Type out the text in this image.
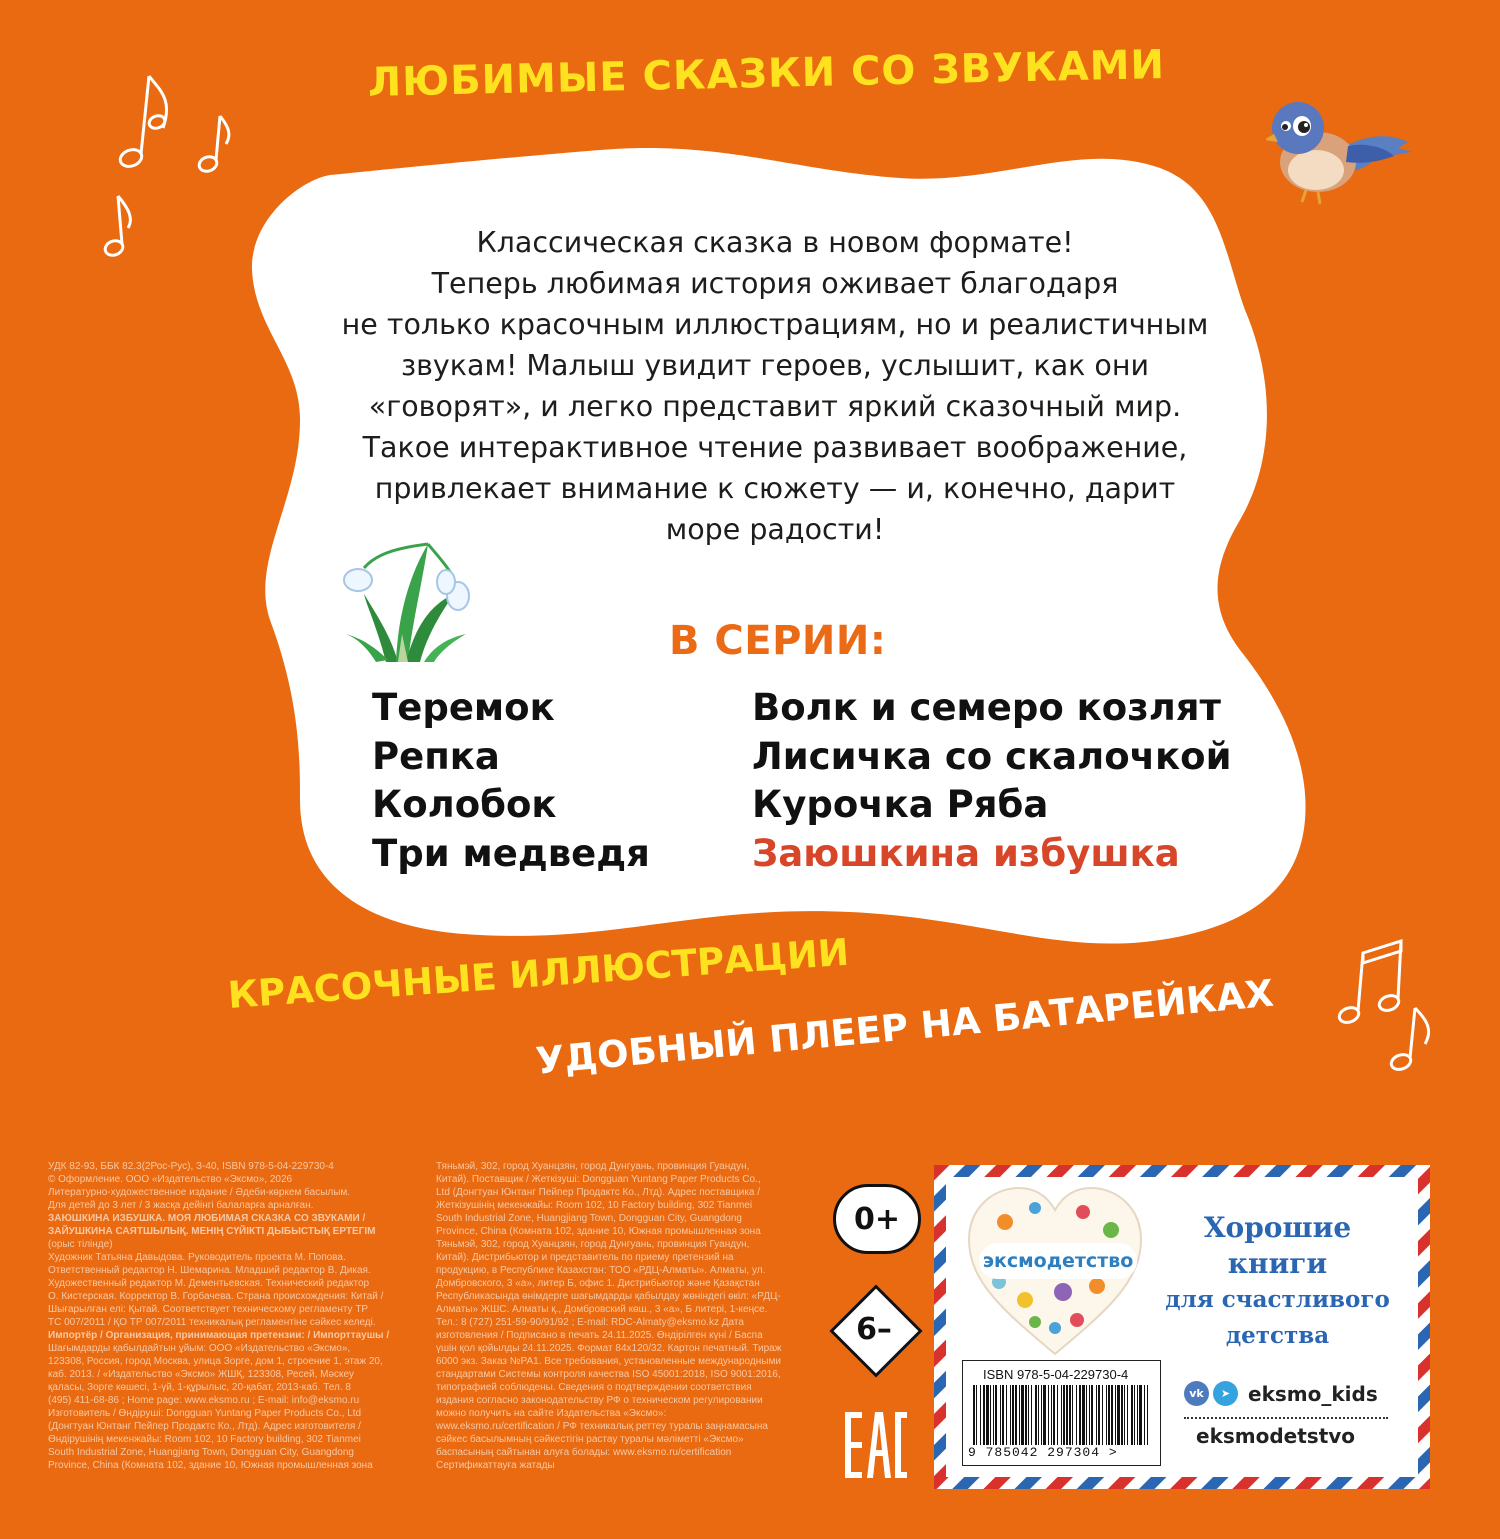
ЛЮБИМЫЕ СКАЗКИ СО ЗВУКАМИ
Классическая сказка в новом формате!
Теперь любимая история оживает благодаря
не только красочным иллюстрациям, но и реалистичным
звукам! Малыш увидит героев, услышит, как они
«говорят», и легко представит яркий сказочный мир.
Такое интерактивное чтение развивает воображение,
привлекает внимание к сюжету — и, конечно, дарит
море радости!
В СЕРИИ:
Теремок
Репка
Колобок
Три медведя
Волк и семеро козлят
Лисичка со скалочкой
Курочка Ряба
Заюшкина избушка
КРАСОЧНЫЕ ИЛЛЮСТРАЦИИ
УДОБНЫЙ ПЛЕЕР НА БАТАРЕЙКАХ
УДК 82-93, ББК 82.3(2Рос-Рус), З-40, ISBN 978-5-04-229730-4
© Оформление. ООО «Издательство «Эксмо», 2026
Литературно-художественное издание / Әдеби-көркем басылым.
Для детей до 3 лет / 3 жасқа дейінгі балаларға арналған.
ЗАЮШКИНА ИЗБУШКА. МОЯ ЛЮБИМАЯ СКАЗКА СО ЗВУКАМИ /
ЗАЙУШКИНА САЯТШЫЛЫҚ. МЕНІҢ СҮЙІКТІ ДЫБЫСТЫҚ ЕРТЕГІМ
(орыс тілінде)
Художник Татьяна Давыдова. Руководитель проекта М. Попова.
Ответственный редактор Н. Шемарина. Младший редактор В. Дикая.
Художественный редактор М. Дементьевская. Технический редактор
О. Кистерская. Корректор В. Горбачева. Страна происхождения: Китай /
Шығарылған елі: Қытай. Соответствует техническому регламенту ТР
ТС 007/2011 / ҚО ТР 007/2011 техникалық регламентіне сәйкес келеді.
Импортёр / Организация, принимающая претензии: / Импорттаушы /
Шағымдарды қабылдайтын ұйым: ООО «Издательство «Эксмо»,
123308, Россия, город Москва, улица Зорге, дом 1, строение 1, этаж 20,
каб. 2013. / «Издательство «Эксмо» ЖШҚ, 123308, Ресей, Мәскеу
қаласы, Зорге көшесі, 1-үй, 1-құрылыс, 20-қабат, 2013-каб. Тел. 8
(495) 411-68-86 ; Home page: www.eksmo.ru ; E-mail: info@eksmo.ru
Изготовитель / Өндіруші: Dongguan Yuntang Paper Products Co., Ltd
(Донгтуан Юнтанг Пейпер Продактс Ко., Лтд). Адрес изготовителя /
Өндірушінің мекенжайы: Room 102, 10 Factory building, 302 Tianmei
South Industrial Zone, Huangjiang Town, Dongguan City, Guangdong
Province, China (Комната 102, здание 10, Южная промышленная зона
Тяньмэй, 302, город Хуанцзян, город Дунгуань, провинция Гуандун,
Китай). Поставщик / Жеткізуші: Dongguan Yuntang Paper Products Co.,
Ltd (Донгтуан Юнтанг Пейпер Продактс Ко., Лтд). Адрес поставщика /
Жеткізушінің мекенжайы: Room 102, 10 Factory building, 302 Tianmei
South Industrial Zone, Huangjiang Town, Dongguan City, Guangdong
Province, China (Комната 102, здание 10, Южная промышленная зона
Тяньмэй, 302, город Хуанцзян, город Дунгуань, провинция Гуандун,
Китай). Дистрибьютор и представитель по приему претензий на
продукцию, в Республике Казахстан: ТОО «РДЦ-Алматы». Алматы, ул.
Домбровского, 3 «а», литер Б, офис 1. Дистрибьютор және Қазақстан
Республикасында өнімдерге шағымдарды қабылдау жөніндегі өкіл: «РДЦ-
Алматы» ЖШС. Алматы қ., Домбровский көш., 3 «а», Б литері, 1-кеңсе.
Тел.: 8 (727) 251-59-90/91/92 ; E-mail: RDC-Almaty@eksmo.kz Дата
изготовления / Подписано в печать 24.11.2025. Өндірілген күні / Баспа
үшін қол қойылды 24.11.2025. Формат 84x120/32. Картон печатный. Тираж
6000 экз. Заказ №РА1. Все требования, установленные международными
стандартами Системы контроля качества ISO 45001:2018, ISO 9001:2016,
типографией соблюдены. Сведения о подтверждении соответствия
издания согласно законодательству РФ о техническом регулировании
можно получить на сайте Издательства «Эксмо»:
www.eksmo.ru/certification / РФ техникалық реттеу туралы заңнамасына
сәйкес басылымның сәйкестігін растау туралы мәліметті «Эксмо»
баспасының сайтынан алуға болады: www.eksmo.ru/certification
Сертификаттауға жатады
0+
6–
эксмодетство
Хорошие
книги
для счастливого
детства
ISBN 978-5-04-229730-4
9 785042 297304 >
vk	➤ eksmo_kids
eksmodetstvo
